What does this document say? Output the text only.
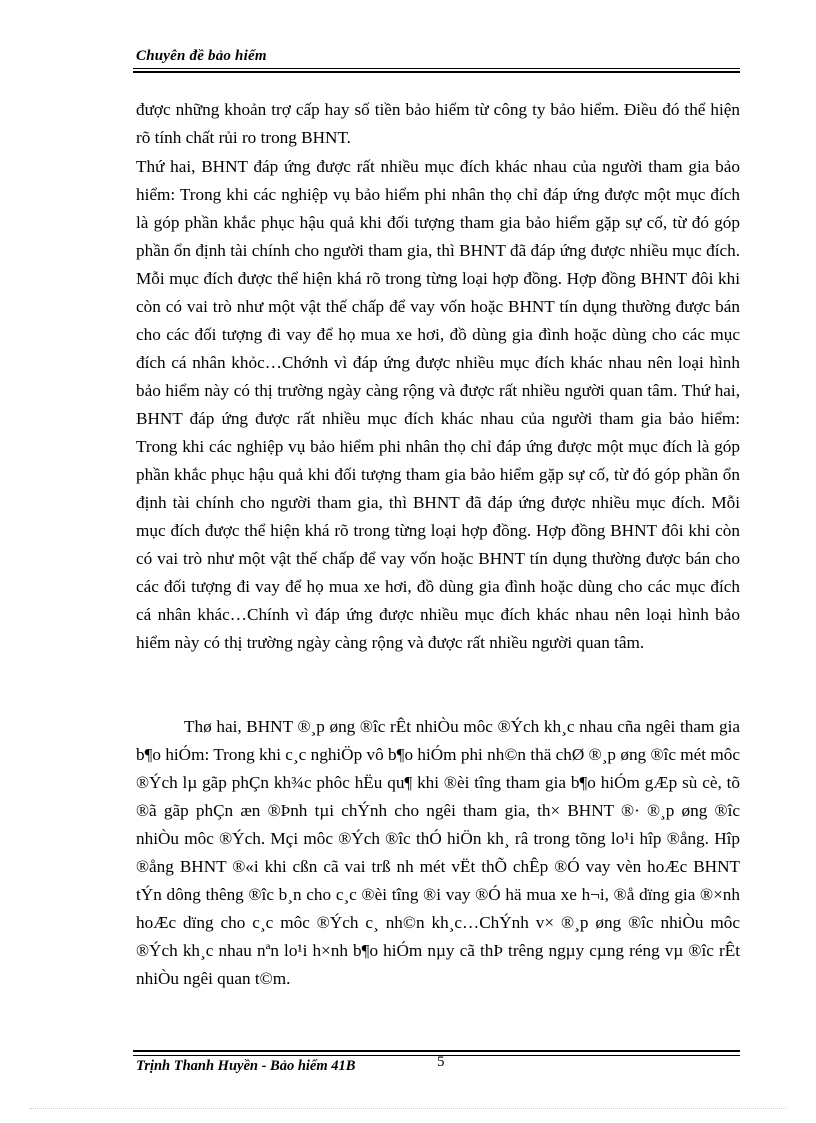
Chuyên đề bảo hiểm
được những khoản trợ cấp hay số tiền bảo hiểm từ công ty bảo hiểm. Điều đó thể hiện rõ tính chất rủi ro trong BHNT.
Thứ hai, BHNT đáp ứng được rất nhiều mục đích khác nhau của người tham gia bảo hiểm: Trong khi các nghiệp vụ bảo hiểm phi nhân thọ chỉ đáp ứng được một mục đích là góp phần khắc phục hậu quả khi đối tượng tham gia bảo hiểm gặp sự cố, từ đó góp phần ổn định tài chính cho người tham gia, thì BHNT đã đáp ứng được nhiều mục đích. Mỗi mục đích được thể hiện khá rõ trong từng loại hợp đồng. Hợp đồng BHNT đôi khi còn có vai trò như một vật thế chấp để vay vốn hoặc BHNT tín dụng thường được bán cho các đối tượng đi vay để họ mua xe hơi, đồ dùng gia đình hoặc dùng cho các mục đích cá nhân khỏc…Chớnh vì đáp ứng được nhiều mục đích khác nhau nên loại hình bảo hiểm này có thị trường ngày càng rộng và được rất nhiều người quan tâm. Thứ hai, BHNT đáp ứng được rất nhiều mục đích khác nhau của người tham gia bảo hiểm: Trong khi các nghiệp vụ bảo hiểm phi nhân thọ chỉ đáp ứng được một mục đích là góp phần khắc phục hậu quả khi đối tượng tham gia bảo hiểm gặp sự cố, từ đó góp phần ổn định tài chính cho người tham gia, thì BHNT đã đáp ứng được nhiều mục đích. Mỗi mục đích được thể hiện khá rõ trong từng loại hợp đồng. Hợp đồng BHNT đôi khi còn có vai trò như một vật thế chấp để vay vốn hoặc BHNT tín dụng thường được bán cho các đối tượng đi vay để họ mua xe hơi, đồ dùng gia đình hoặc dùng cho các mục đích cá nhân khác…Chính vì đáp ứng được nhiều mục đích khác nhau nên loại hình bảo hiểm này có thị trường ngày càng rộng và được rất nhiều người quan tâm.
Thø hai, BHNT ®¸p øng ®îc rÊt nhiÒu môc ®Ých kh¸c nhau cña ngêi tham gia b¶o hiÓm: Trong khi c¸c nghiÖp vô b¶o hiÓm phi nh©n thä chØ ®¸p øng ®îc mét môc ®Ých lµ gãp phÇn kh¾c phôc hËu qu¶ khi ®èi tîng tham gia b¶o hiÓm gÆp sù cè, tõ ®ã gãp phÇn æn ®Þnh tµi chÝnh cho ngêi tham gia, th× BHNT ®· ®¸p øng ®îc nhiÒu môc ®Ých. Mçi môc ®Ých ®îc thÓ hiÖn kh¸ râ trong tõng lo¹i hîp ®ång. Hîp ®ång BHNT ®«i khi cßn cã vai trß nh mét vËt thÕ chÊp ®Ó vay vèn hoÆc BHNT tÝn dông thêng ®îc b¸n cho c¸c ®èi tîng ®i vay ®Ó hä mua xe h¬i, ®å dïng gia ®×nh hoÆc dïng cho c¸c môc ®Ých c¸ nh©n kh¸c…ChÝnh v× ®¸p øng ®îc nhiÒu môc ®Ých kh¸c nhau nªn lo¹i h×nh b¶o hiÓm nµy cã thÞ trêng ngµy cµng réng vµ ®îc rÊt nhiÒu ngêi quan t©m.
Trịnh Thanh Huyền - Bảo hiểm 41B	5
